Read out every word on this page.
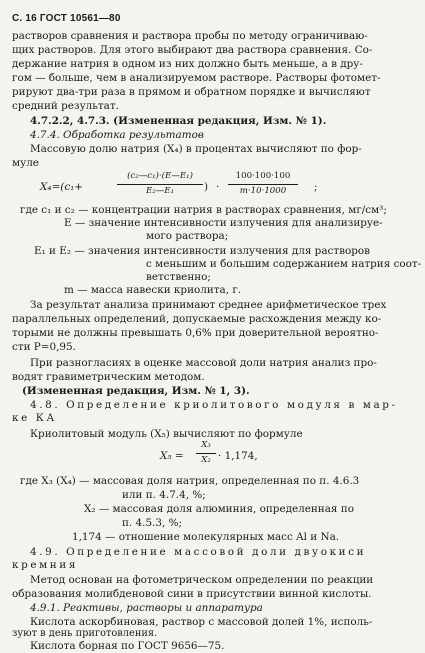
С. 16 ГОСТ 10561—80
растворов сравнения и раствора пробы по методу ограничиваю-
щих растворов. Для этого выбирают два раствора сравнения. Со-
держание натрия в одном из них должно быть меньше, а в дру-
гом — больше, чем в анализируемом растворе. Растворы фотомет-
рируют два-три раза в прямом и обратном порядке и вычисляют
средний результат.
4.7.2.2, 4.7.3. (Измененная редакция, Изм. № 1).
4.7.4. Обработка результатов
Массовую долю натрия (X₄) в процентах вычисляют по фор-
муле
X₄=(c₁+
(c₂—c₁)·(E—E₁)
E₂—E₁	) ·
100·100·100
m·10·1000	;
где c₁ и c₂ — концентрации натрия в растворах сравнения, мг/см³;
E — значение интенсивности излучения для анализируе-
мого раствора;
E₁ и E₂ — значения интенсивности излучения для растворов
с меньшим и большим содержанием натрия соот-
ветственно;
m — масса навески криолита, г.
За результат анализа принимают среднее арифметическое трех
параллельных определений, допускаемые расхождения между ко-
торыми не должны превышать 0,6% при доверительной вероятно-
сти P=0,95.
При разногласиях в оценке массовой доли натрия анализ про-
водят гравиметрическим методом.
(Измененная редакция, Изм. № 1, 3).
4.8. Определение криолитового модуля в мар-
ке КА
Криолитовый модуль (X₅) вычисляют по формуле
X₅ =
X₃
X₂ · 1,174,
где X₃ (X₄) — массовая доля натрия, определенная по п. 4.6.3
или п. 4.7.4, %;
X₂ — массовая доля алюминия, определенная по
п. 4.5.3, %;
1,174 — отношение молекулярных масс Al и Na.
4.9. Определение массовой доли двуокиси
кремния
Метод основан на фотометрическом определении по реакции
образования молибденовой сини в присутствии винной кислоты.
4.9.1. Реактивы, растворы и аппаратура
Кислота аскорбиновая, раствор с массовой долей 1%, исполь-
зуют в день приготовления.
Кислота борная по ГОСТ 9656—75.
